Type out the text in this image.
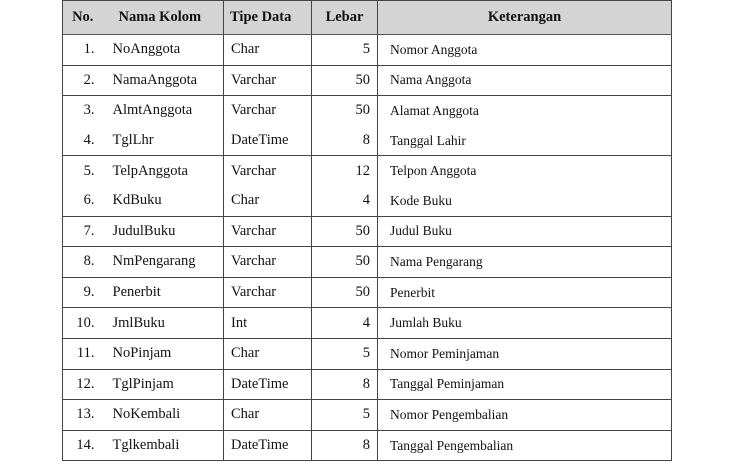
No.	Nama Kolom	Tipe Data	Lebar	Keterangan
1.	NoAnggota	Char	5	Nomor Anggota
2.	NamaAnggota	Varchar	50	Nama Anggota
3.	AlmtAnggota	Varchar	50	Alamat Anggota
4.	TglLhr	DateTime	8	Tanggal Lahir
5.	TelpAnggota	Varchar	12	Telpon Anggota
6.	KdBuku	Char	4	Kode Buku
7.	JudulBuku	Varchar	50	Judul Buku
8.	NmPengarang	Varchar	50	Nama Pengarang
9.	Penerbit	Varchar	50	Penerbit
10.	JmlBuku	Int	4	Jumlah Buku
11.	NoPinjam	Char	5	Nomor Peminjaman
12.	TglPinjam	DateTime	8	Tanggal Peminjaman
13.	NoKembali	Char	5	Nomor Pengembalian
14.	Tglkembali	DateTime	8	Tanggal Pengembalian
